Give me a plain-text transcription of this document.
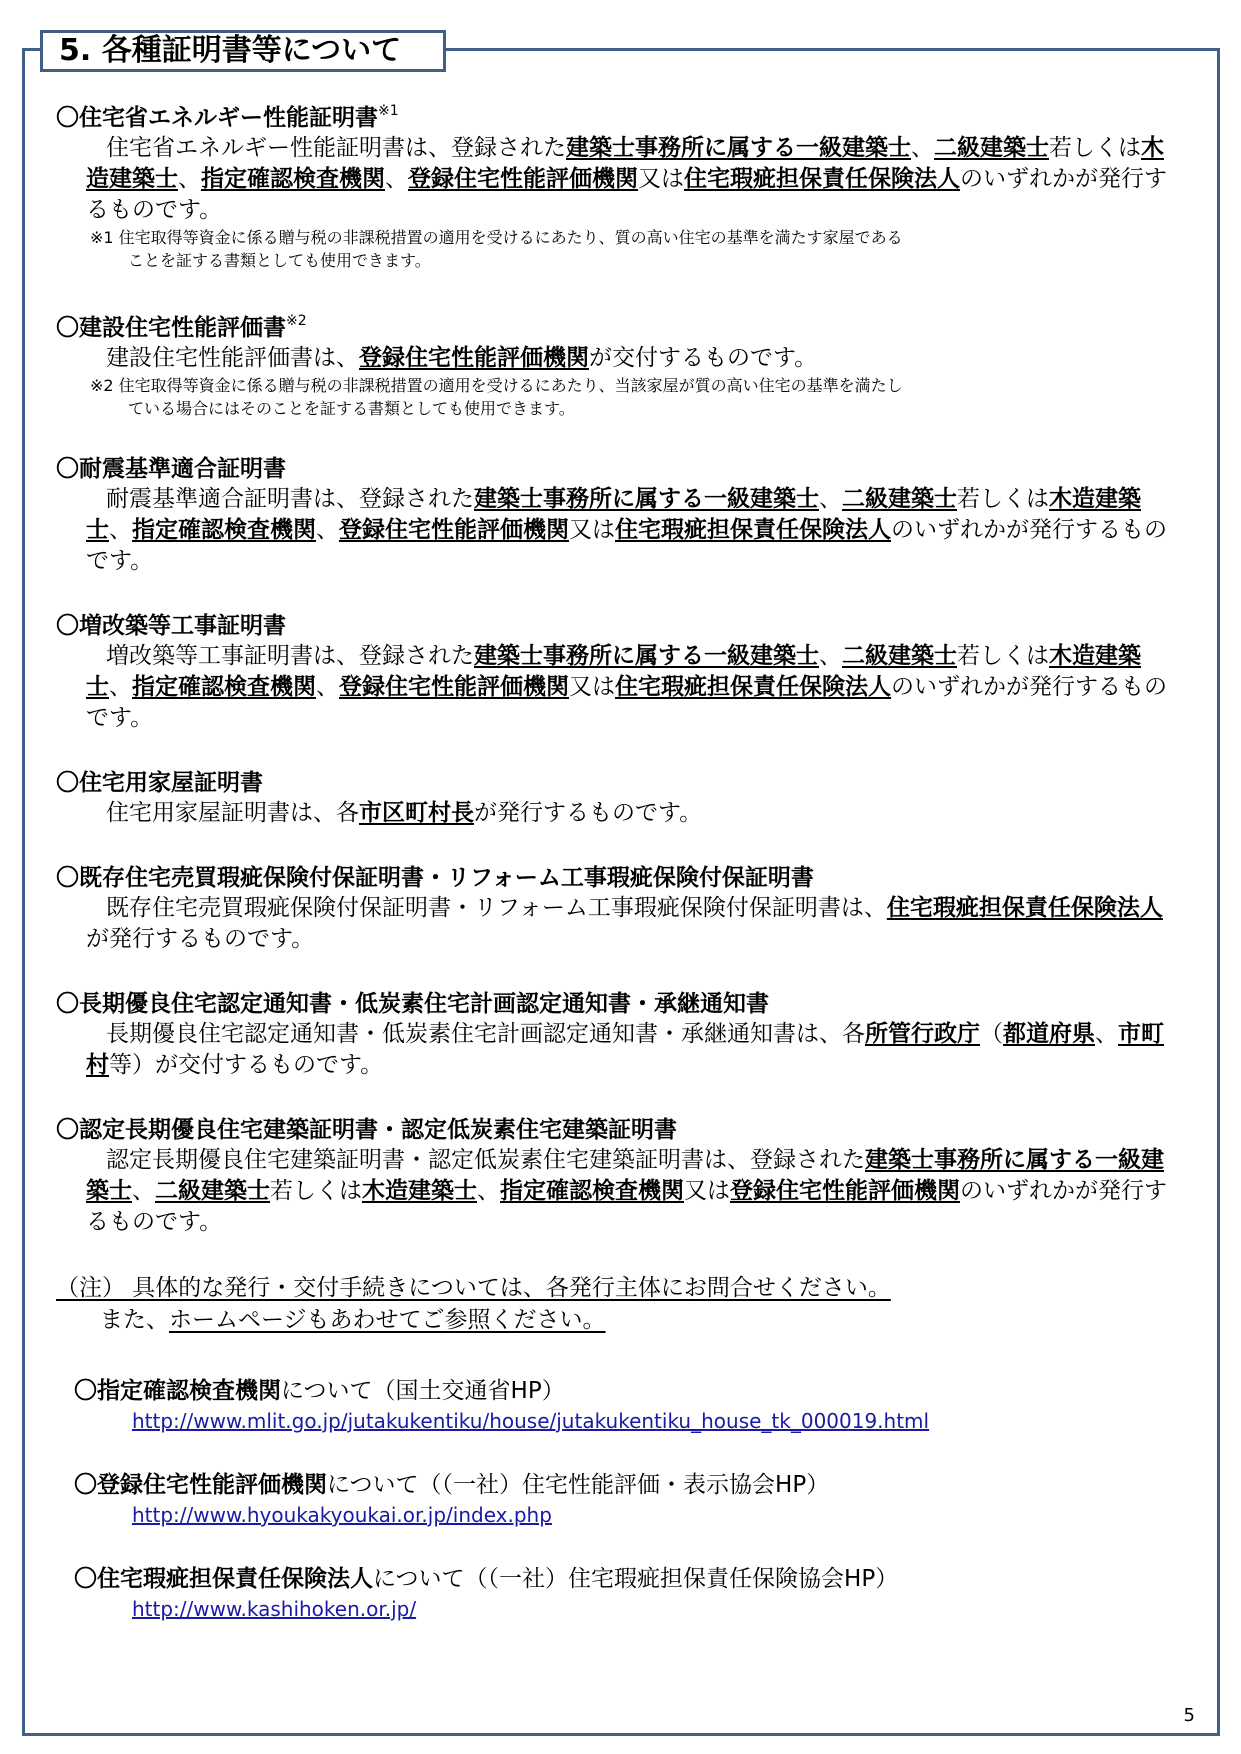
5. 各種証明書等について
〇住宅省エネルギー性能証明書$^{※1}$
住宅省エネルギー性能証明書は、登録された建築士事務所に属する一級建築士、二級建築士若しくは木造建築士、指定確認検査機関、登録住宅性能評価機関又は住宅瑕疵担保責任保険法人のいずれかが発行するものです。
※1 住宅取得等資金に係る贈与税の非課税措置の適用を受けるにあたり、質の高い住宅の基準を満たす家屋である
ことを証する書類としても使用できます。
〇建設住宅性能評価書$^{※2}$
建設住宅性能評価書は、登録住宅性能評価機関が交付するものです。
※2 住宅取得等資金に係る贈与税の非課税措置の適用を受けるにあたり、当該家屋が質の高い住宅の基準を満たし
ている場合にはそのことを証する書類としても使用できます。
〇耐震基準適合証明書
耐震基準適合証明書は、登録された建築士事務所に属する一級建築士、二級建築士若しくは木造建築士、指定確認検査機関、登録住宅性能評価機関又は住宅瑕疵担保責任保険法人のいずれかが発行するものです。
〇増改築等工事証明書
増改築等工事証明書は、登録された建築士事務所に属する一級建築士、二級建築士若しくは木造建築士、指定確認検査機関、登録住宅性能評価機関又は住宅瑕疵担保責任保険法人のいずれかが発行するものです。
〇住宅用家屋証明書
住宅用家屋証明書は、各市区町村長が発行するものです。
〇既存住宅売買瑕疵保険付保証明書・リフォーム工事瑕疵保険付保証明書
既存住宅売買瑕疵保険付保証明書・リフォーム工事瑕疵保険付保証明書は、住宅瑕疵担保責任保険法人が発行するものです。
〇長期優良住宅認定通知書・低炭素住宅計画認定通知書・承継通知書
長期優良住宅認定通知書・低炭素住宅計画認定通知書・承継通知書は、各所管行政庁（都道府県、市町村等）が交付するものです。
〇認定長期優良住宅建築証明書・認定低炭素住宅建築証明書
認定長期優良住宅建築証明書・認定低炭素住宅建築証明書は、登録された建築士事務所に属する一級建築士、二級建築士若しくは木造建築士、指定確認検査機関又は登録住宅性能評価機関のいずれかが発行するものです。
（注） 具体的な発行・交付手続きについては、各発行主体にお問合せください。
また、ホームページもあわせてご参照ください。
〇指定確認検査機関について（国土交通省HP）
http://www.mlit.go.jp/jutakukentiku/house/jutakukentiku_house_tk_000019.html
〇登録住宅性能評価機関について（（一社）住宅性能評価・表示協会HP）
http://www.hyoukakyoukai.or.jp/index.php
〇住宅瑕疵担保責任保険法人について（（一社）住宅瑕疵担保責任保険協会HP）
http://www.kashihoken.or.jp/
5
